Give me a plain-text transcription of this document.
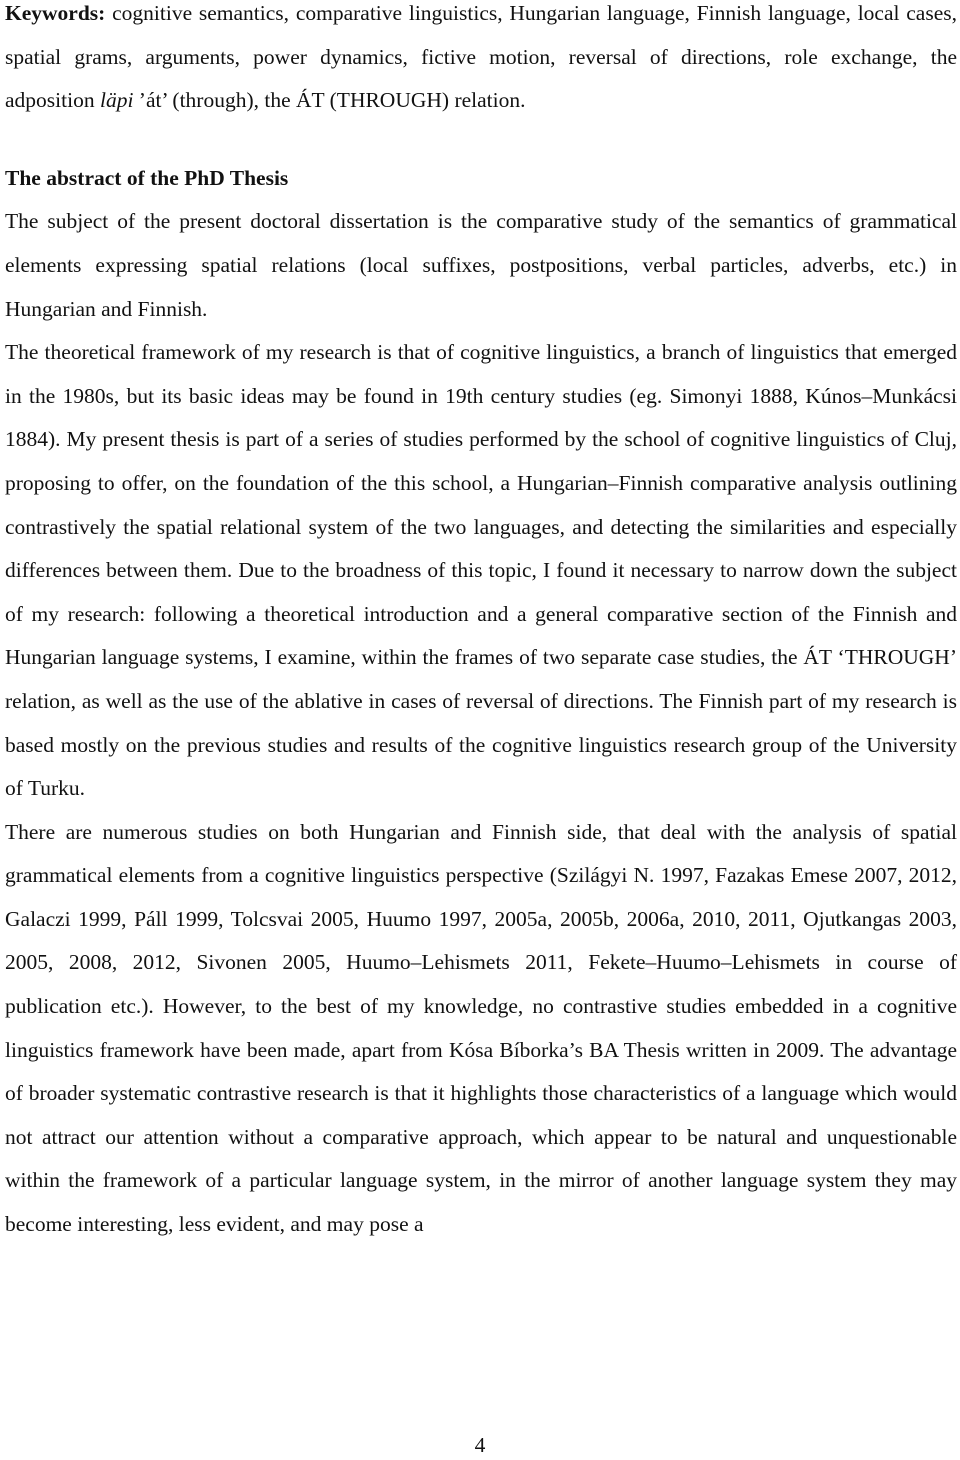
Keywords: cognitive semantics, comparative linguistics, Hungarian language, Finnish language, local cases, spatial grams, arguments, power dynamics, fictive motion, reversal of directions, role exchange, the adposition läpi ’át’ (through), the ÁT (THROUGH) relation.

The abstract of the PhD Thesis

The subject of the present doctoral dissertation is the comparative study of the semantics of grammatical elements expressing spatial relations (local suffixes, postpositions, verbal particles, adverbs, etc.) in Hungarian and Finnish.

The theoretical framework of my research is that of cognitive linguistics, a branch of linguistics that emerged in the 1980s, but its basic ideas may be found in 19th century studies (eg. Simonyi 1888, Kúnos–Munkácsi 1884). My present thesis is part of a series of studies performed by the school of cognitive linguistics of Cluj, proposing to offer, on the foundation of the this school, a Hungarian–Finnish comparative analysis outlining contrastively the spatial relational system of the two languages, and detecting the similarities and especially differences between them. Due to the broadness of this topic, I found it necessary to narrow down the subject of my research: following a theoretical introduction and a general comparative section of the Finnish and Hungarian language systems, I examine, within the frames of two separate case studies, the ÁT ‘THROUGH’ relation, as well as the use of the ablative in cases of reversal of directions. The Finnish part of my research is based mostly on the previous studies and results of the cognitive linguistics research group of the University of Turku.

There are numerous studies on both Hungarian and Finnish side, that deal with the analysis of spatial grammatical elements from a cognitive linguistics perspective (Szilágyi N. 1997, Fazakas Emese 2007, 2012, Galaczi 1999, Páll 1999, Tolcsvai 2005, Huumo 1997, 2005a, 2005b, 2006a, 2010, 2011, Ojutkangas 2003, 2005, 2008, 2012, Sivonen 2005, Huumo–Lehismets 2011, Fekete–Huumo–Lehismets in course of publication etc.). However, to the best of my knowledge, no contrastive studies embedded in a cognitive linguistics framework have been made, apart from Kósa Bíborka’s BA Thesis written in 2009. The advantage of broader systematic contrastive research is that it highlights those characteristics of a language which would not attract our attention without a comparative approach, which appear to be natural and unquestionable within the framework of a particular language system, in the mirror of another language system they may become interesting, less evident, and may pose a

4
